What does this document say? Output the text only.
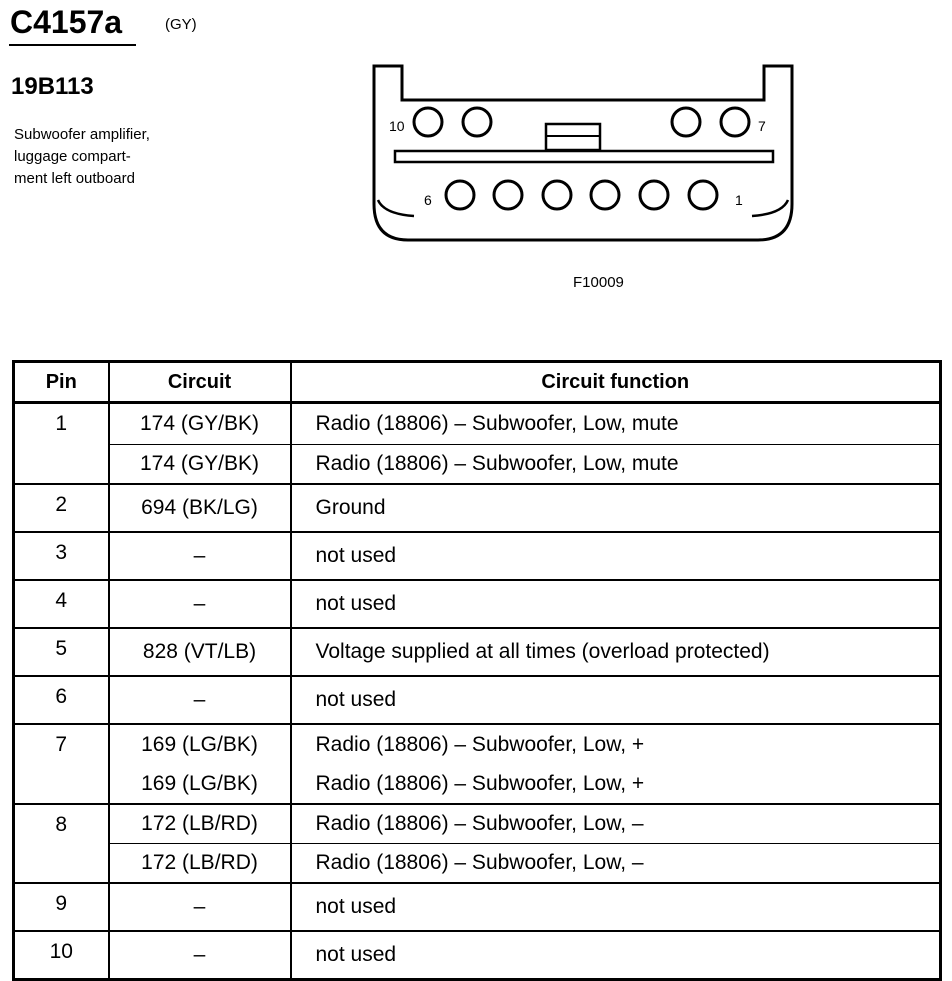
C4157a	(GY)
19B113
Subwoofer amplifier,
luggage compart-
ment left outboard
10	7
6	1
F10009
Pin	Circuit	Circuit function
1	174 (GY/BK)	Radio (18806) – Subwoofer, Low, mute
	174 (GY/BK)	Radio (18806) – Subwoofer, Low, mute
2	694 (BK/LG)	Ground
3	–	not used
4	–	not used
5	828 (VT/LB)	Voltage supplied at all times (overload protected)
6	–	not used
7	169 (LG/BK)	Radio (18806) – Subwoofer, Low, +
	169 (LG/BK)	Radio (18806) – Subwoofer, Low, +
8	172 (LB/RD)	Radio (18806) – Subwoofer, Low, –
	172 (LB/RD)	Radio (18806) – Subwoofer, Low, –
9	–	not used
10	–	not used
